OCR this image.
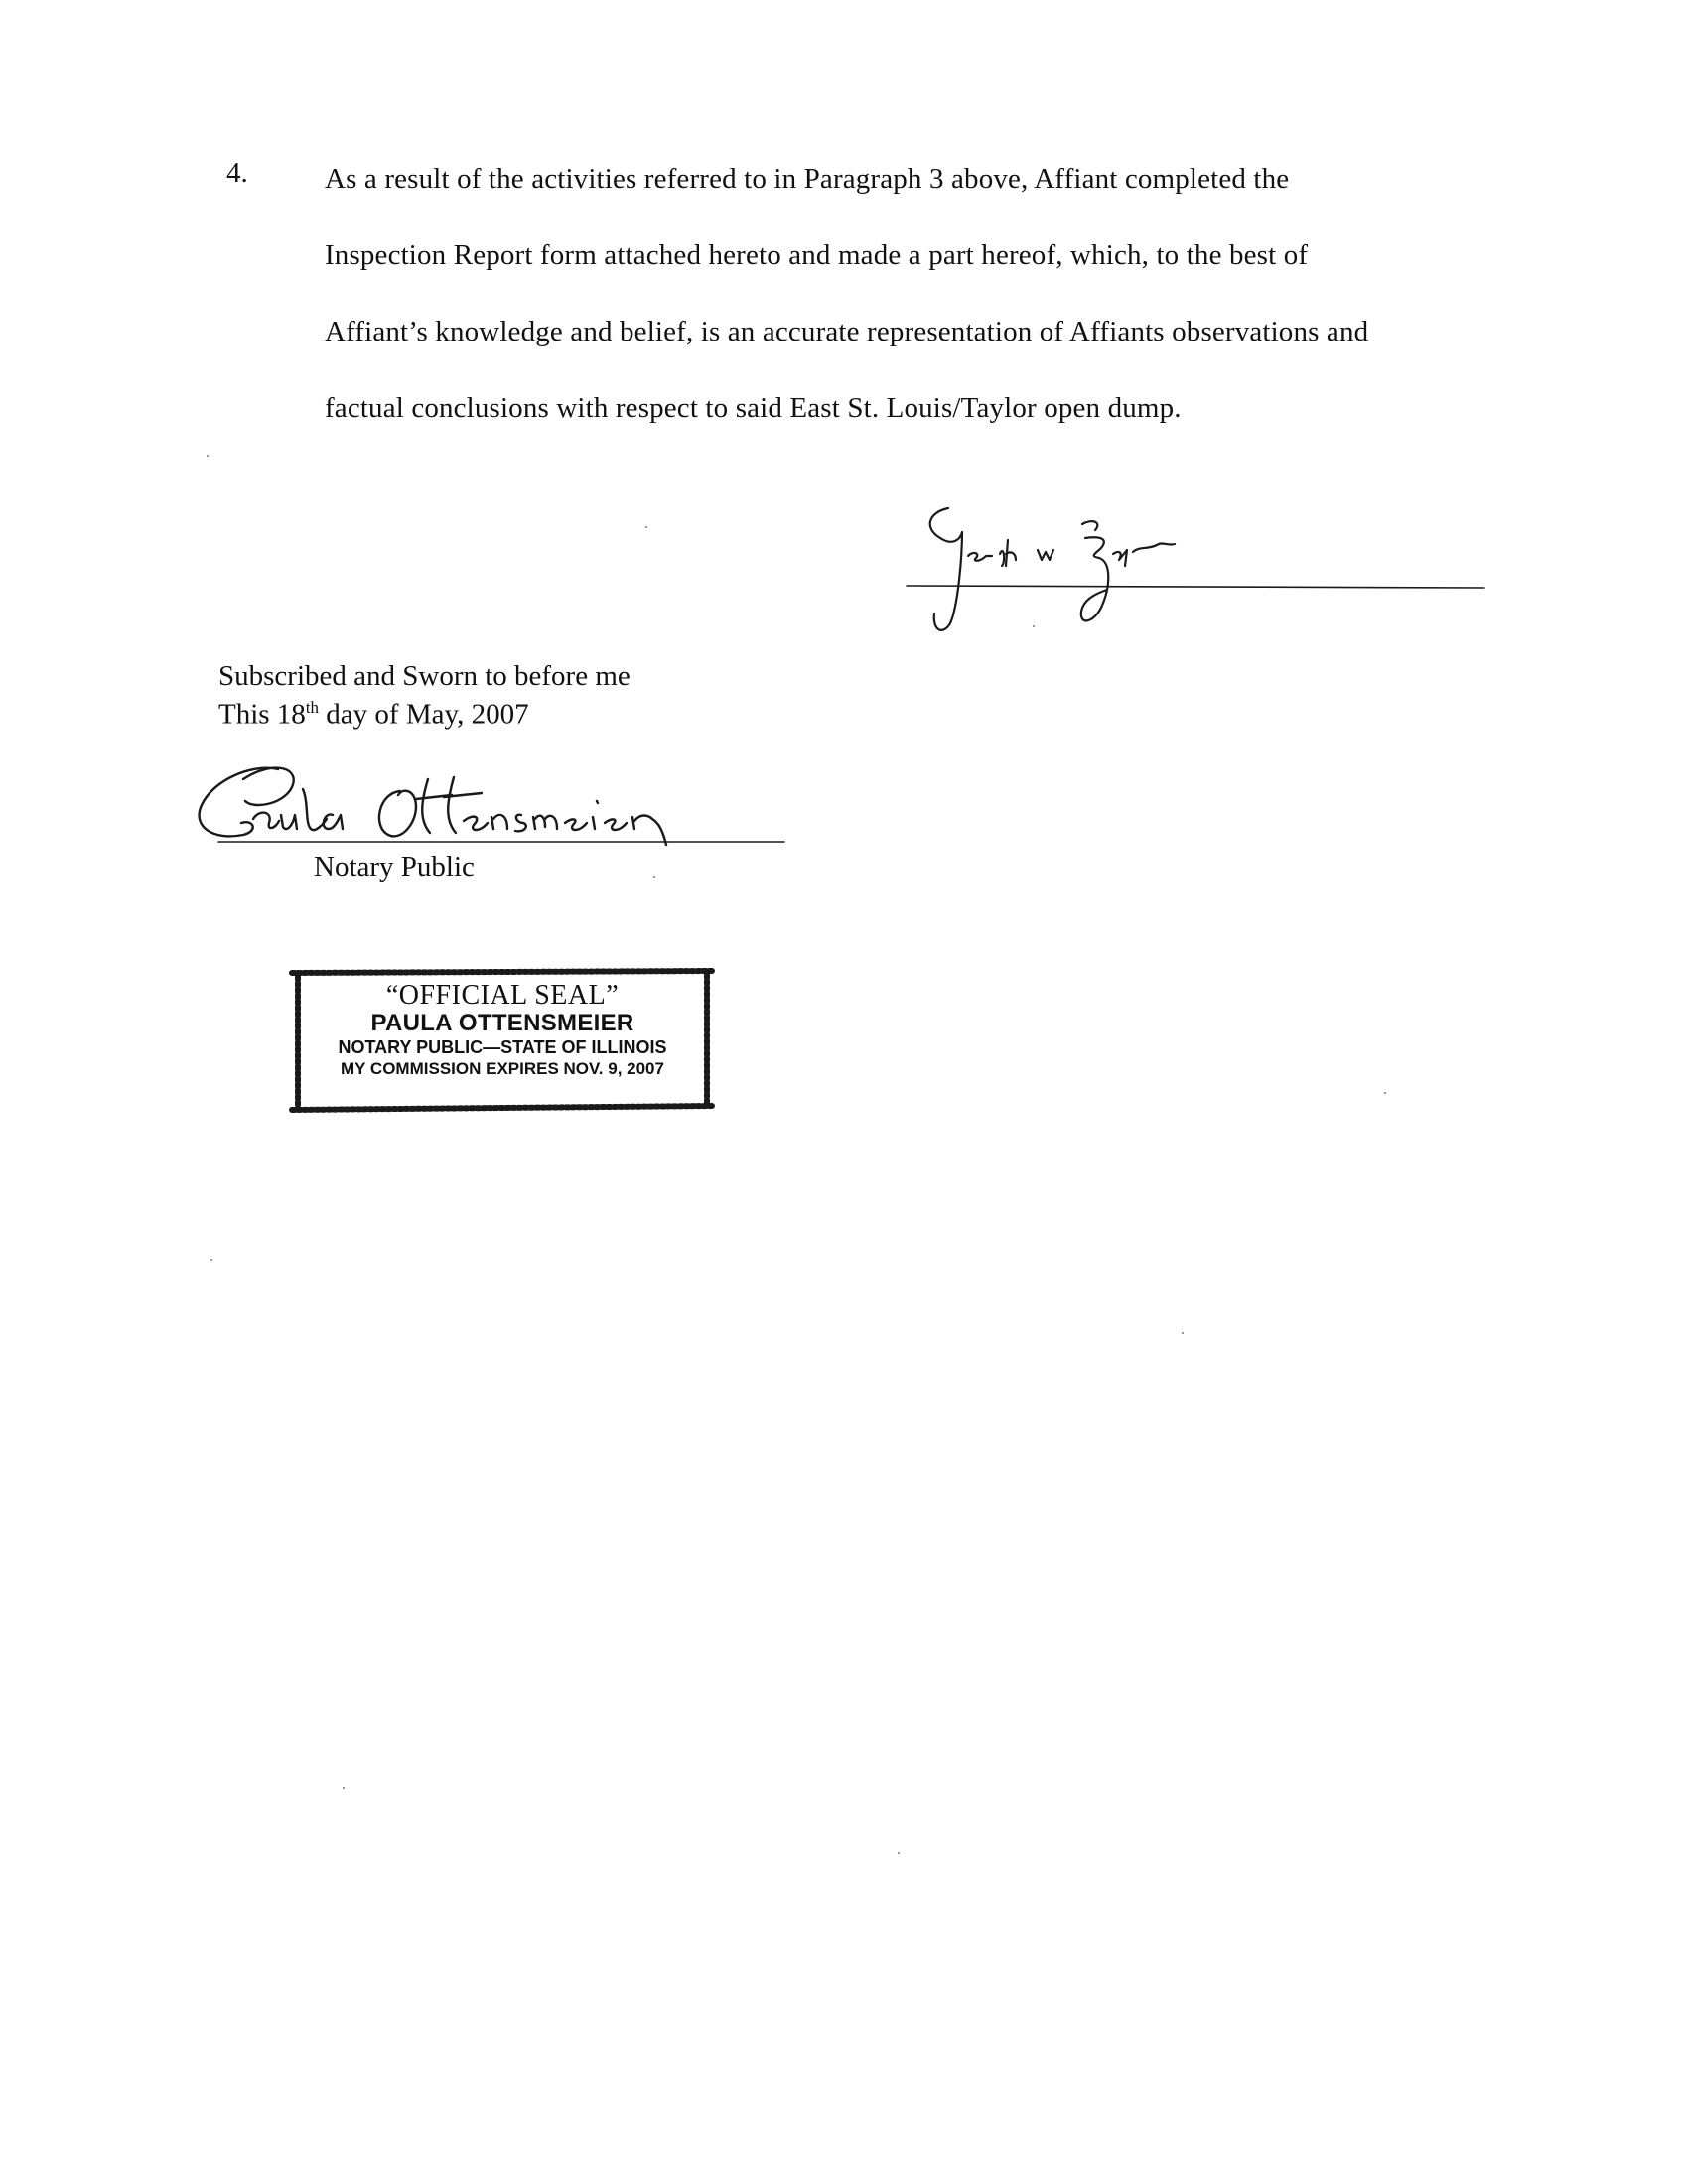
4.	As a result of the activities referred to in Paragraph 3 above, Affiant completed the
Inspection Report form attached hereto and made a part hereof, which, to the best of
Affiant’s knowledge and belief, is an accurate representation of Affiants observations and
factual conclusions with respect to said East St. Louis/Taylor open dump.
Subscribed and Sworn to before me
This 18th day of May, 2007
Notary Public
“OFFICIAL SEAL”
PAULA OTTENSMEIER
NOTARY PUBLIC—STATE OF ILLINOIS
MY COMMISSION EXPIRES NOV. 9, 2007
